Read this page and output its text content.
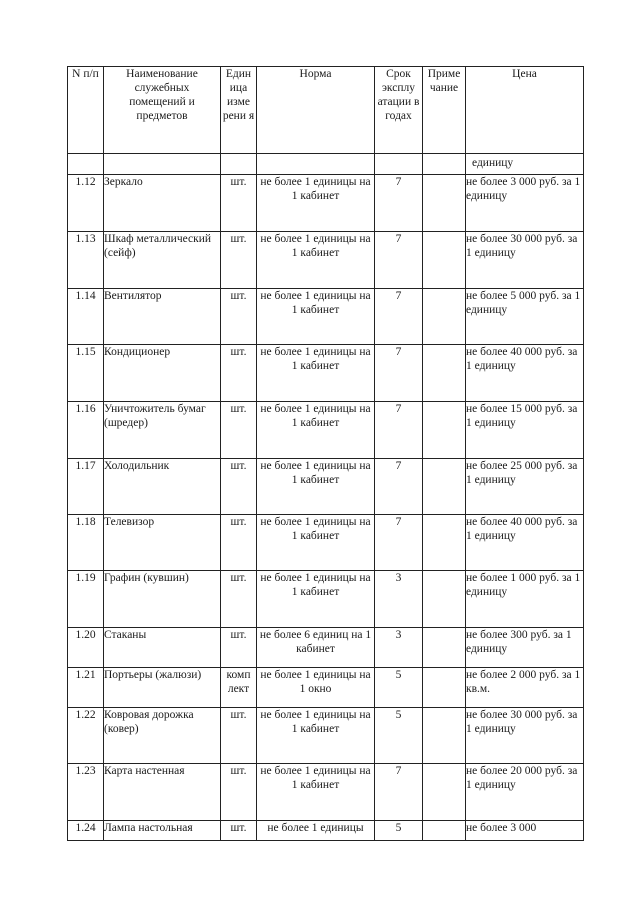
N п/п	Наименование служебных помещений и предметов	Един ица изме рени я	Норма	Срок эксплу атации в годах	Приме чание	Цена
						единицу
1.12	Зеркало	шт.	не более 1 единицы на 1 кабинет	7		не более 3 000 руб. за 1 единицу
1.13	Шкаф металлический (сейф)	шт.	не более 1 единицы на 1 кабинет	7		не более 30 000 руб. за 1 единицу
1.14	Вентилятор	шт.	не более 1 единицы на 1 кабинет	7		не более 5 000 руб. за 1 единицу
1.15	Кондиционер	шт.	не более 1 единицы на 1 кабинет	7		не более 40 000 руб. за 1 единицу
1.16	Уничтожитель бумаг (шредер)	шт.	не более 1 единицы на 1 кабинет	7		не более 15 000 руб. за 1 единицу
1.17	Холодильник	шт.	не более 1 единицы на 1 кабинет	7		не более 25 000 руб. за 1 единицу
1.18	Телевизор	шт.	не более 1 единицы на 1 кабинет	7		не более 40 000 руб. за 1 единицу
1.19	Графин (кувшин)	шт.	не более 1 единицы на 1 кабинет	3		не более 1 000 руб. за 1 единицу
1.20	Стаканы	шт.	не более 6 единиц на 1 кабинет	3		не более 300 руб. за 1 единицу
1.21	Портьеры (жалюзи)	комп лект	не более 1 единицы на 1 окно	5		не более 2 000 руб. за 1 кв.м.
1.22	Ковровая дорожка (ковер)	шт.	не более 1 единицы на 1 кабинет	5		не более 30 000 руб. за 1 единицу
1.23	Карта настенная	шт.	не более 1 единицы на 1 кабинет	7		не более 20 000 руб. за 1 единицу
1.24	Лампа настольная	шт.	не более 1 единицы	5		не более 3 000
